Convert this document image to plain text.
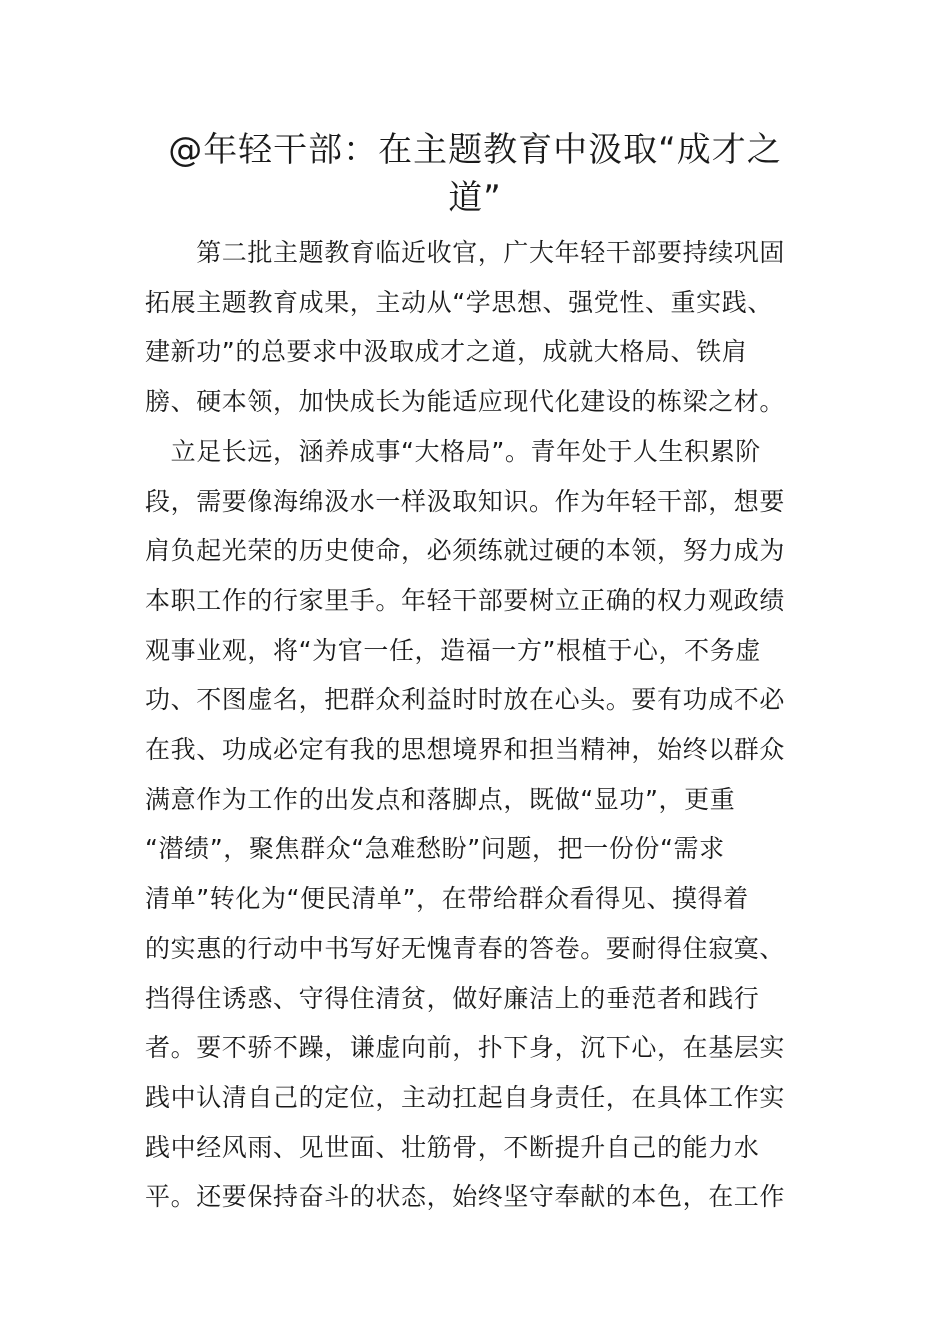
@年轻干部：在主题教育中汲取“成才之
道”

　　第二批主题教育临近收官，广大年轻干部要持续巩固
拓展主题教育成果，主动从“学思想、强党性、重实践、
建新功”的总要求中汲取成才之道，成就大格局、铁肩
膀、硬本领，加快成长为能适应现代化建设的栋梁之材。

　立足长远，涵养成事“大格局”。青年处于人生积累阶
段，需要像海绵汲水一样汲取知识。作为年轻干部，想要
肩负起光荣的历史使命，必须练就过硬的本领，努力成为
本职工作的行家里手。年轻干部要树立正确的权力观政绩
观事业观，将“为官一任，造福一方”根植于心，不务虚
功、不图虚名，把群众利益时时放在心头。要有功成不必
在我、功成必定有我的思想境界和担当精神，始终以群众
满意作为工作的出发点和落脚点，既做“显功”，更重
“潜绩”，聚焦群众“急难愁盼”问题，把一份份“需求
清单”转化为“便民清单”，在带给群众看得见、摸得着
的实惠的行动中书写好无愧青春的答卷。要耐得住寂寞、
挡得住诱惑、守得住清贫，做好廉洁上的垂范者和践行
者。要不骄不躁，谦虚向前，扑下身，沉下心，在基层实
践中认清自己的定位，主动扛起自身责任，在具体工作实
践中经风雨、见世面、壮筋骨，不断提升自己的能力水
平。还要保持奋斗的状态，始终坚守奉献的本色，在工作
